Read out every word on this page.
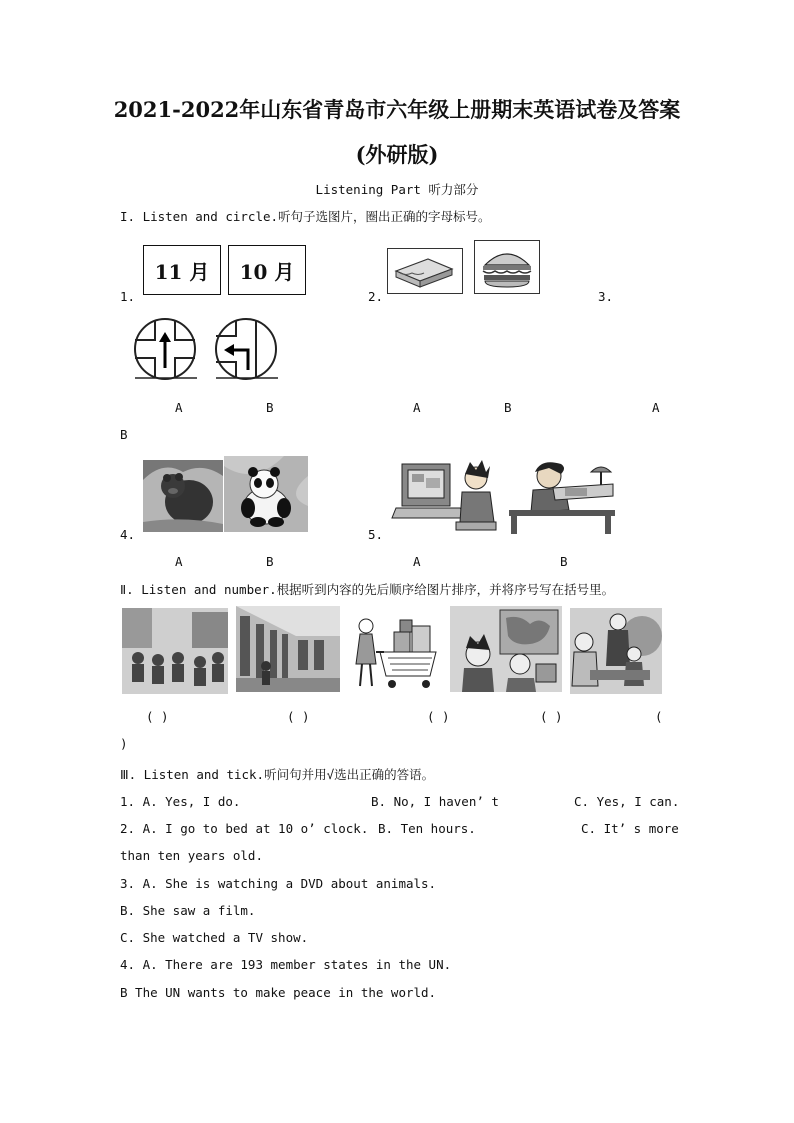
2021-2022年山东省青岛市六年级上册期末英语试卷及答案
(外研版)
Listening Part 听力部分
I. Listen and circle.听句子选图片，圈出正确的字母标号。
11 月 10 月
1.	2.	3.
A	B	A	B	A
B
4.	5.
A	B	A	B
Ⅱ. Listen and number.根据听到内容的先后顺序给图片排序，并将序号写在括号里。
( )	( )	( )	( )	(
)
Ⅲ. Listen and tick.听问句并用√选出正确的答语。
1. A. Yes, I do.	B. No, I haven’ t	C. Yes, I can.
2. A. I go to bed at 10 o’ clock. B. Ten hours.	C. It’ s more
than ten years old.
3. A. She is watching a DVD about animals.
B. She saw a film.
C. She watched a TV show.
4. A. There are 193 member states in the UN.
B The UN wants to make peace in the world.
